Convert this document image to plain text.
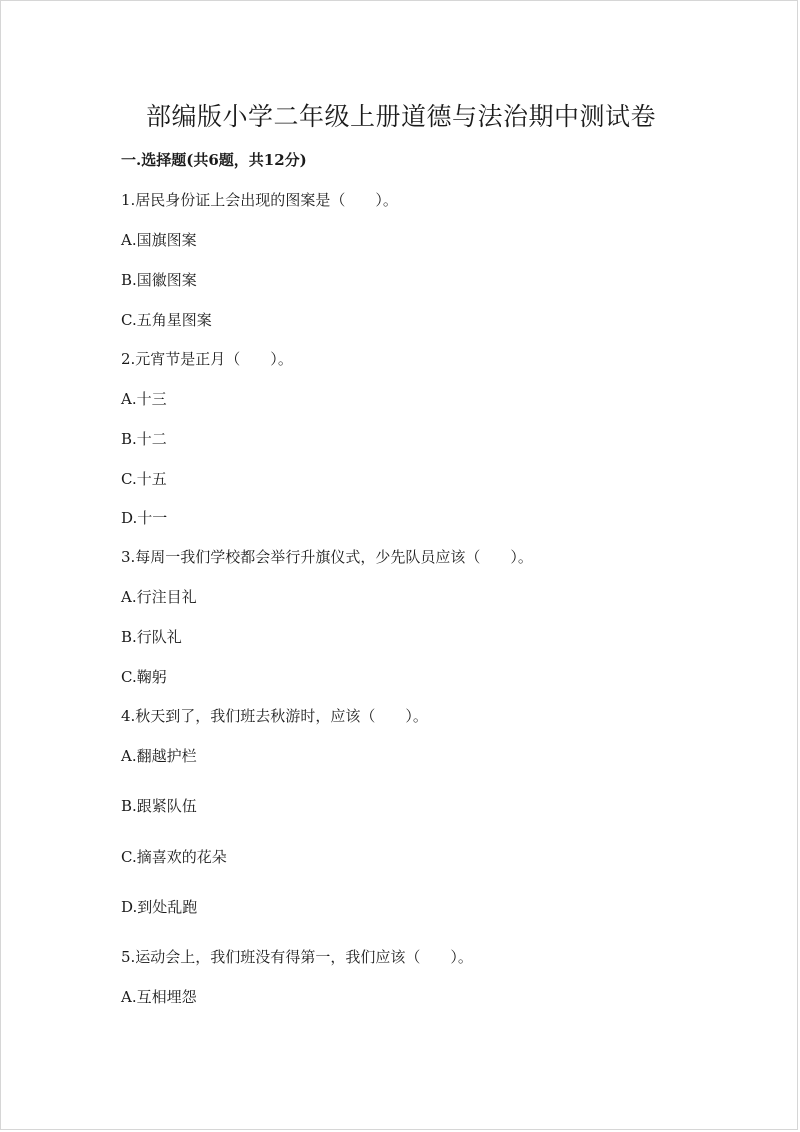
部编版小学二年级上册道德与法治期中测试卷
一.选择题(共6题，共12分)
1.居民身份证上会出现的图案是（　　）。
A.国旗图案
B.国徽图案
C.五角星图案
2.元宵节是正月（　　）。
A.十三
B.十二
C.十五
D.十一
3.每周一我们学校都会举行升旗仪式，少先队员应该（　　）。
A.行注目礼
B.行队礼
C.鞠躬
4.秋天到了，我们班去秋游时，应该（　　）。
A.翻越护栏
B.跟紧队伍
C.摘喜欢的花朵
D.到处乱跑
5.运动会上，我们班没有得第一，我们应该（　　）。
A.互相埋怨
